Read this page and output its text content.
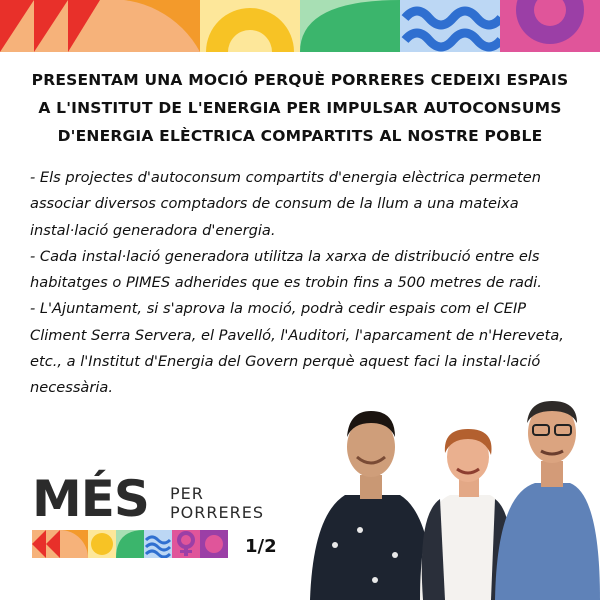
PRESENTAM UNA MOCIÓ PERQUÈ PORRERES CEDEIXI ESPAIS
A L'INSTITUT DE L'ENERGIA PER IMPULSAR AUTOCONSUMS
D'ENERGIA ELÈCTRICA COMPARTITS AL NOSTRE POBLE

- Els projectes d'autoconsum compartits d'energia elèctrica permeten associar diversos comptadors de consum de la llum a una mateixa instal·lació generadora d'energia.

- Cada instal·lació generadora utilitza la xarxa de distribució entre els habitatges o PIMES adherides que es trobin fins a 500 metres de radi.

- L'Ajuntament, si s'aprova la moció, podrà cedir espais com el CEIP Climent Serra Servera, el Pavelló, l'Auditori, l'aparcament de n'Hereveta, etc., a l'Institut d'Energia del Govern perquè aquest faci la instal·lació necessària.

MÉS PER
PORRERES
1/2
